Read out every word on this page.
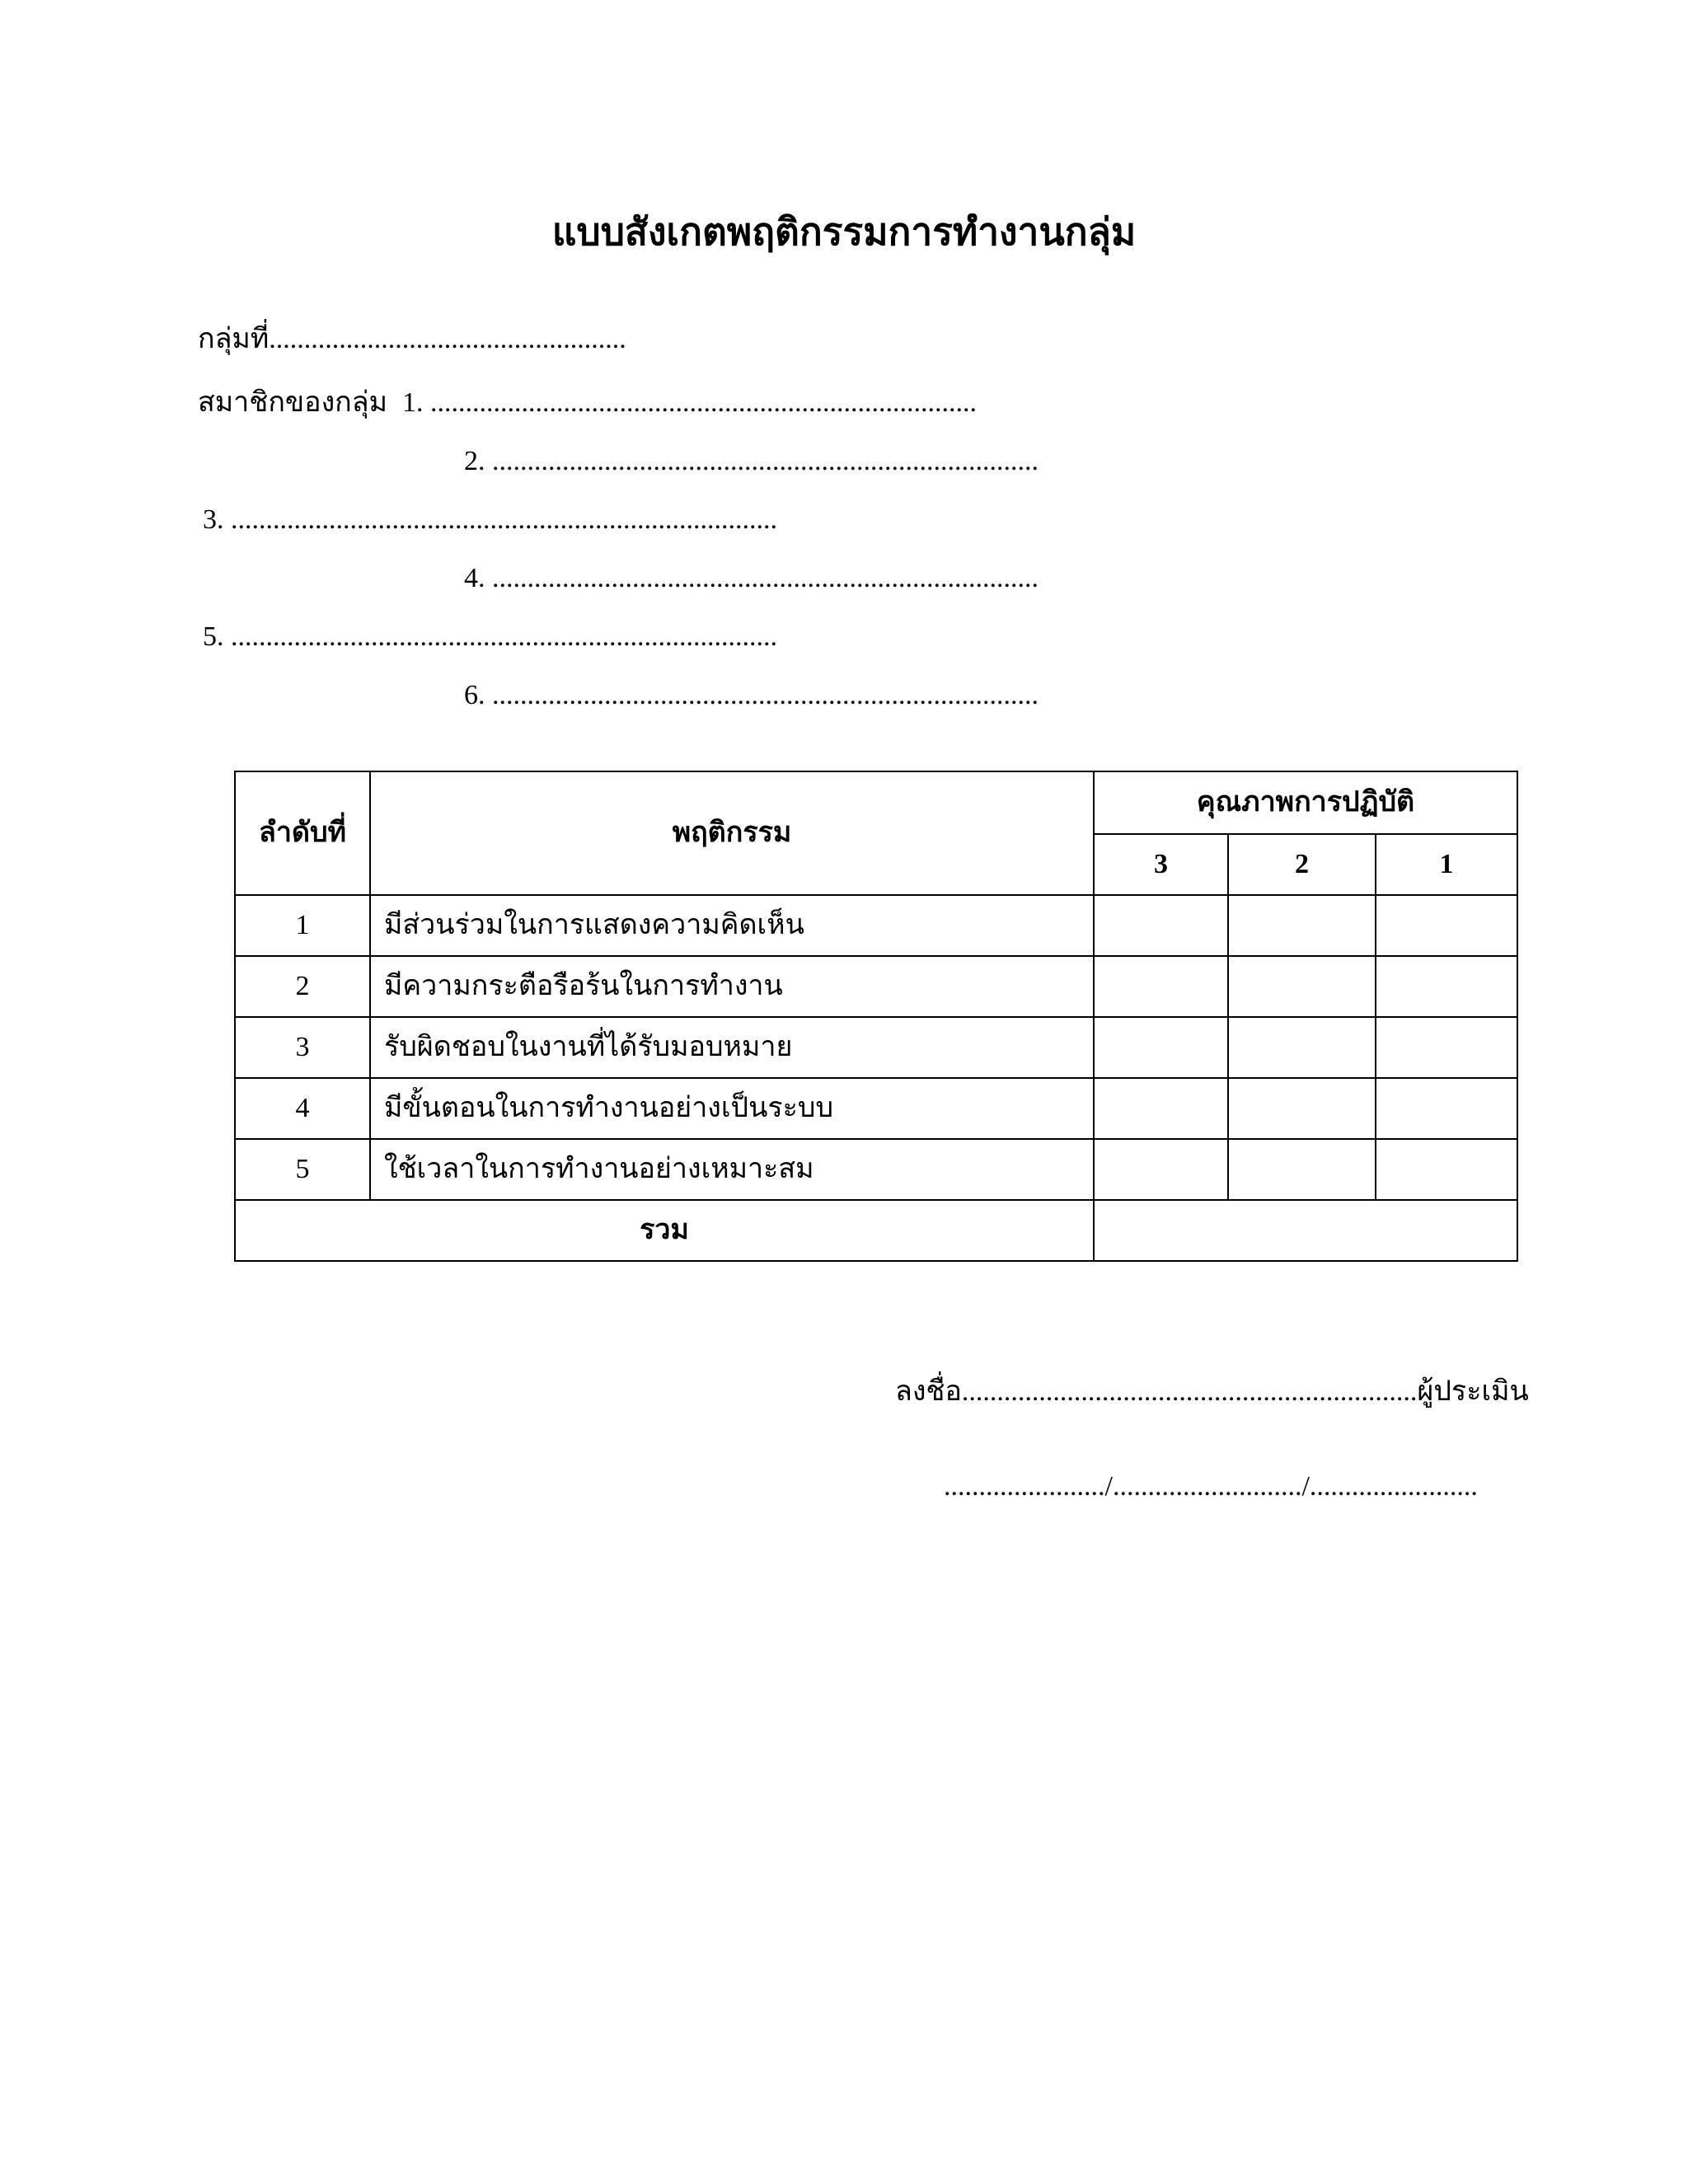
แบบสังเกตพฤติกรรมการทำงานกลุ่ม
กลุ่มที่...................................................
สมาชิกของกลุ่ม 1. ..............................................................................
2. ..............................................................................
3. ..............................................................................
4. ..............................................................................
5. ..............................................................................
6. ..............................................................................
ลำดับที่	พฤติกรรม	คุณภาพการปฏิบัติ		
		3	2	1
1	มีส่วนร่วมในการแสดงความคิดเห็น			
2	มีความกระตือรือร้นในการทำงาน			
3	รับผิดชอบในงานที่ได้รับมอบหมาย			
4	มีขั้นตอนในการทำงานอย่างเป็นระบบ			
5	ใช้เวลาในการทำงานอย่างเหมาะสม			
รวม				
ลงชื่อ.................................................................ผู้ประเมิน
......................./.........................../........................
